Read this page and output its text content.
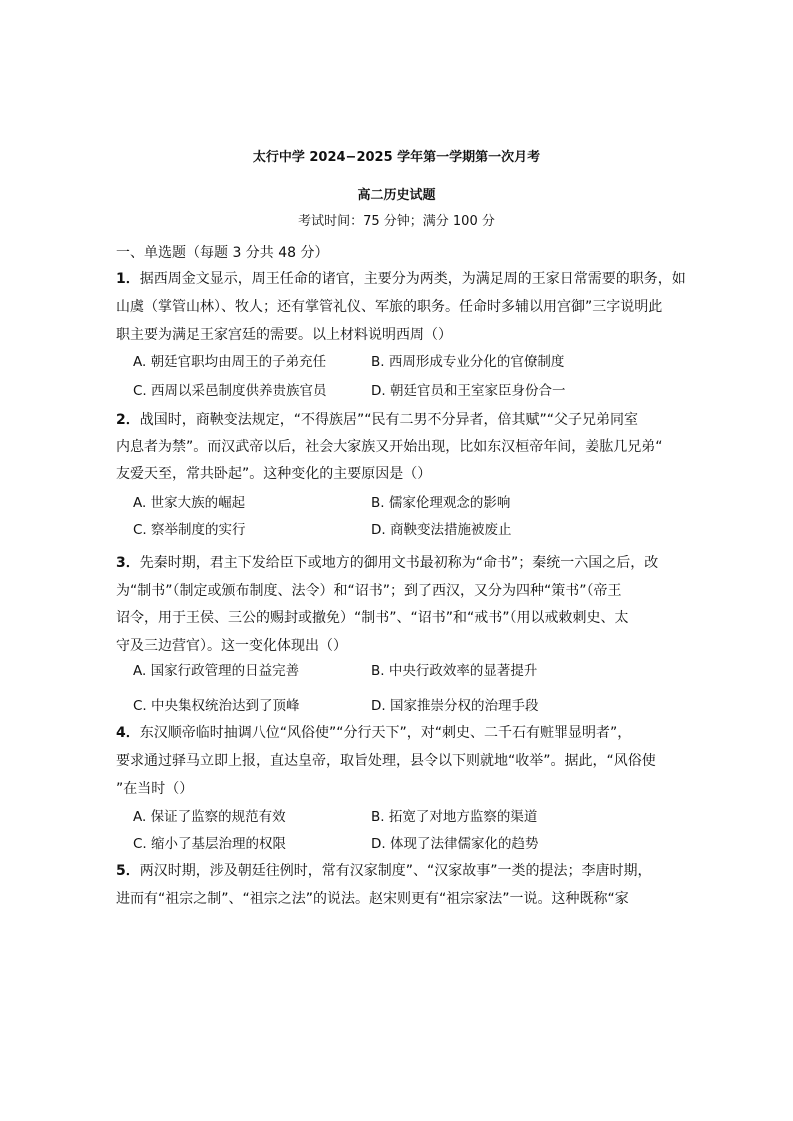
太行中学 2024−2025 学年第一学期第一次月考
高二历史试题
考试时间：75 分钟；满分 100 分
一、单选题（每题 3 分共 48 分）
1．据西周金文显示，周王任命的诸官，主要分为两类，为满足周的王家日常需要的职务，如
山虞（掌管山林）、牧人；还有掌管礼仪、军旅的职务。任命时多辅以用宫御”三字说明此
职主要为满足王家宫廷的需要。以上材料说明西周（）
A. 朝廷官职均由周王的子弟充任	B. 西周形成专业分化的官僚制度
C. 西周以采邑制度供养贵族官员	D. 朝廷官员和王室家臣身份合一
2．战国时，商鞅变法规定，“不得族居”“民有二男不分异者，倍其赋”“父子兄弟同室
内息者为禁”。而汉武帝以后，社会大家族又开始出现，比如东汉桓帝年间，姜肱几兄弟“
友爱天至，常共卧起”。这种变化的主要原因是（）
A. 世家大族的崛起	B. 儒家伦理观念的影响
C. 察举制度的实行	D. 商鞅变法措施被废止
3．先秦时期，君主下发给臣下或地方的御用文书最初称为“命书”；秦统一六国之后，改
为“制书”（制定或颁布制度、法令）和“诏书”；到了西汉，又分为四种“策书”（帝王
诏令，用于王侯、三公的赐封或撤免）“制书”、“诏书”和“戒书”（用以戒敕刺史、太
守及三边营官）。这一变化体现出（）
A. 国家行政管理的日益完善	B. 中央行政效率的显著提升
C. 中央集权统治达到了顶峰	D. 国家推崇分权的治理手段
4．东汉顺帝临时抽调八位“风俗使”“分行天下”，对“刺史、二千石有赃罪显明者”，
要求通过驿马立即上报，直达皇帝，取旨处理，县令以下则就地“收举”。据此，“风俗使
”在当时（）
A. 保证了监察的规范有效	B. 拓宽了对地方监察的渠道
C. 缩小了基层治理的权限	D. 体现了法律儒家化的趋势
5．两汉时期，涉及朝廷往例时，常有汉家制度”、“汉家故事”一类的提法；李唐时期，
进而有“祖宗之制”、“祖宗之法”的说法。赵宋则更有“祖宗家法”一说。这种既称“家
